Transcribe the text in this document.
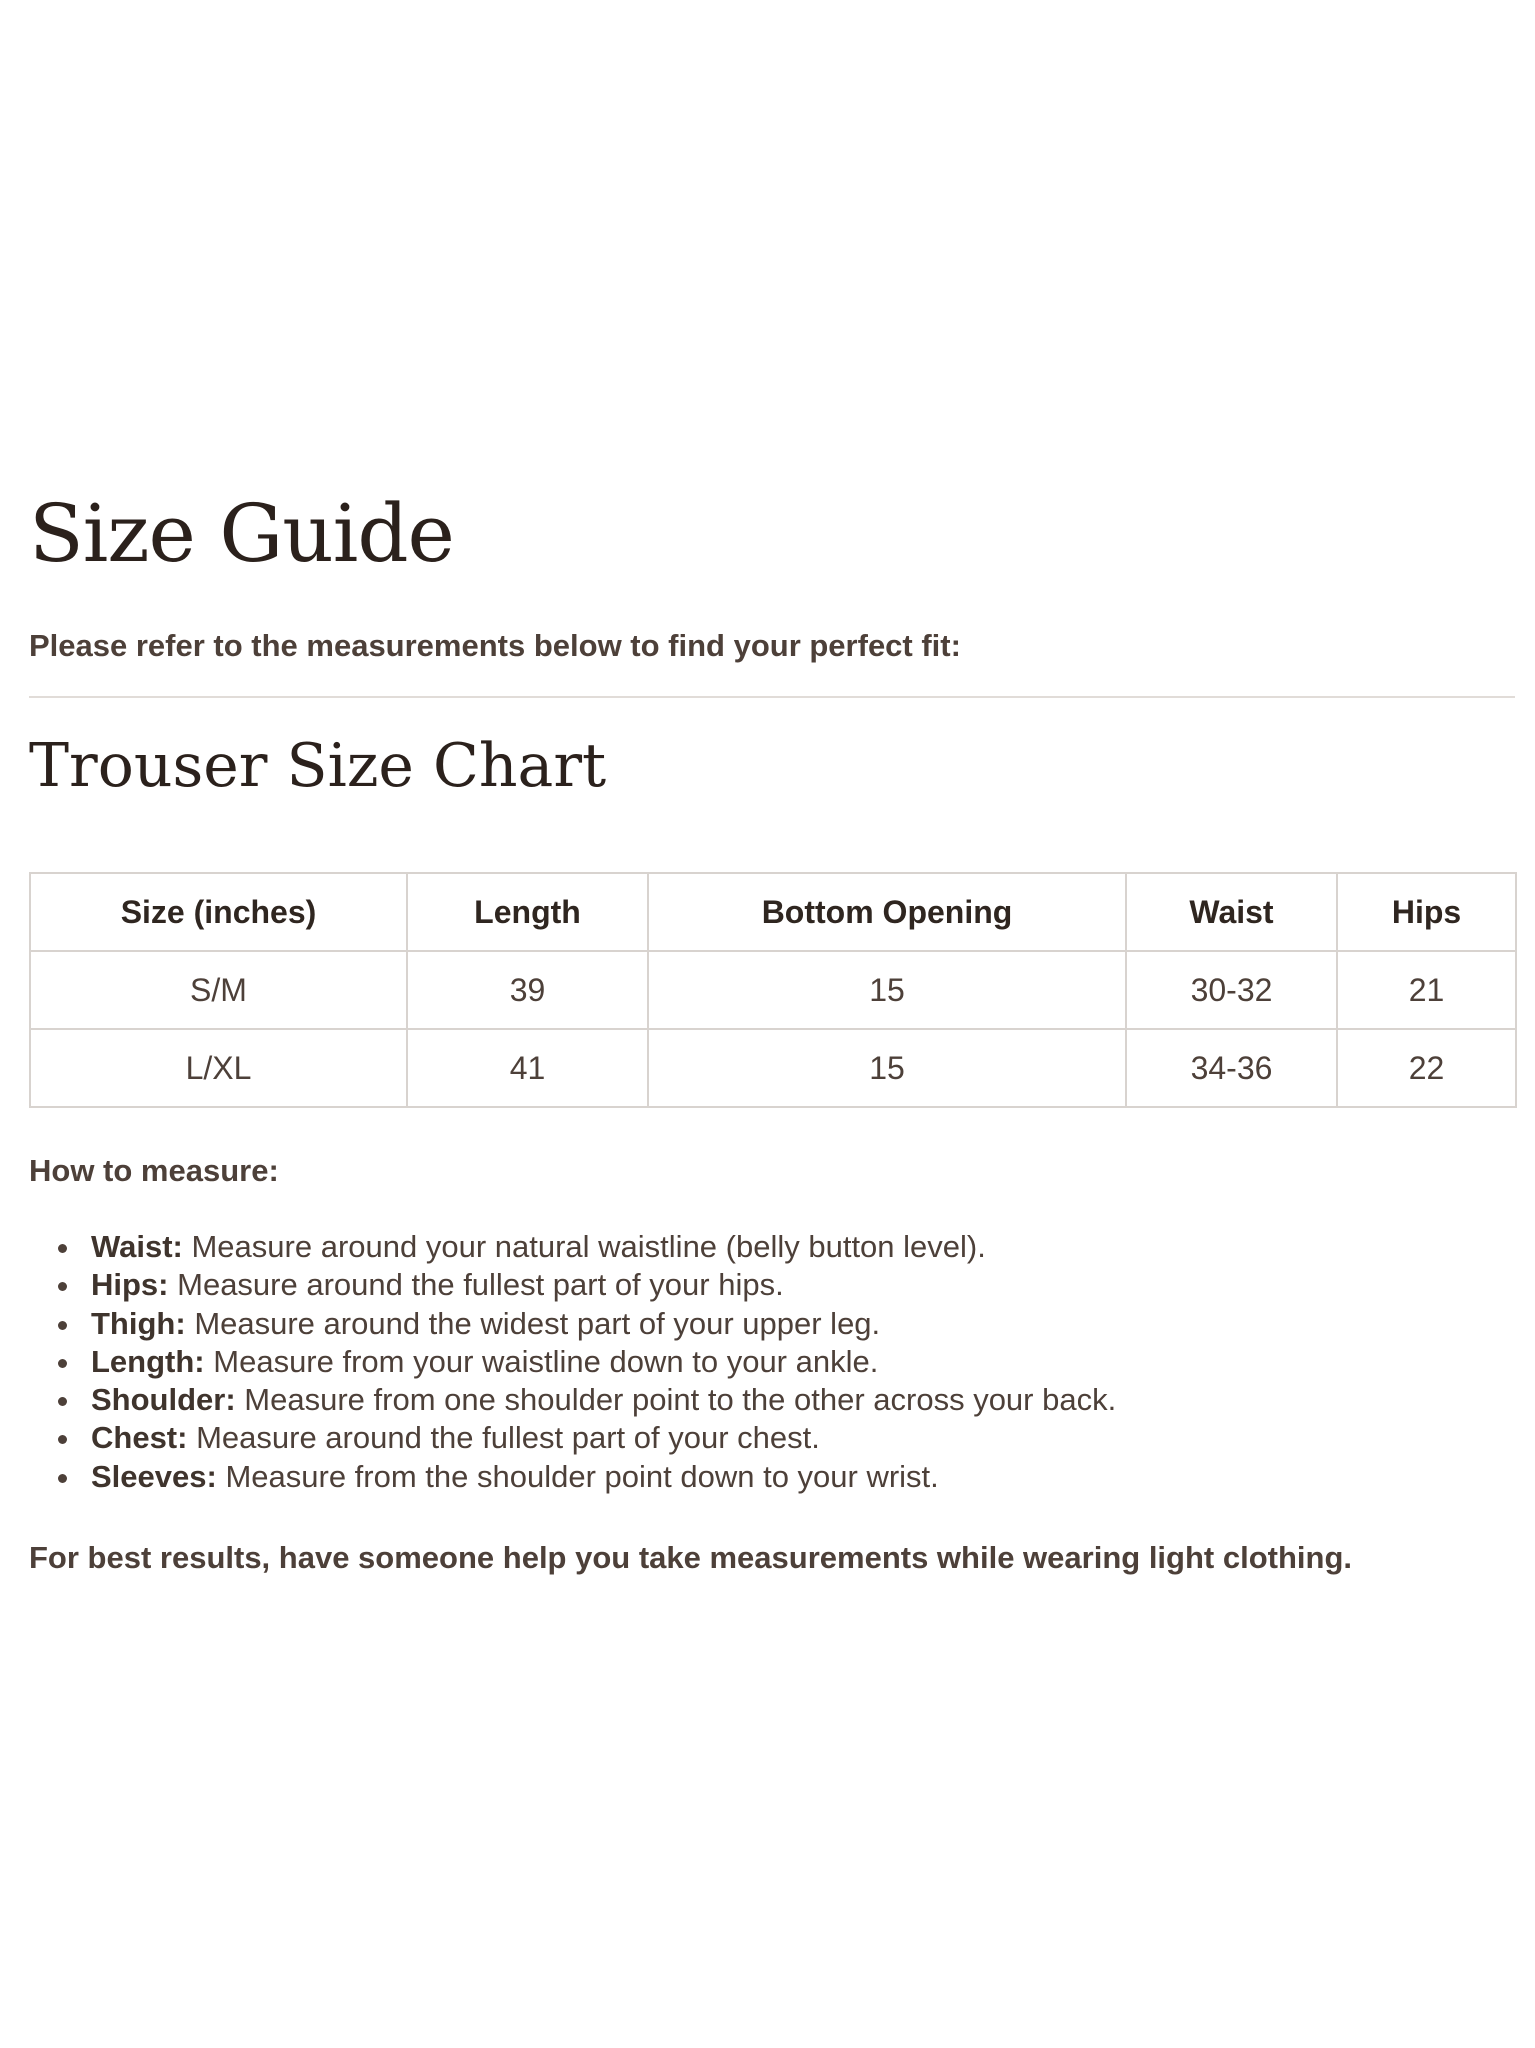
Size Guide

Please refer to the measurements below to find your perfect fit:

Trouser Size Chart
Size (inches)	Length	Bottom Opening	Waist	Hips
S/M	39	15	30-32	21
L/XL	41	15	34-36	22

How to measure:

Waist: Measure around your natural waistline (belly button level).
Hips: Measure around the fullest part of your hips.
Thigh: Measure around the widest part of your upper leg.
Length: Measure from your waistline down to your ankle.
Shoulder: Measure from one shoulder point to the other across your back.
Chest: Measure around the fullest part of your chest.
Sleeves: Measure from the shoulder point down to your wrist.

For best results, have someone help you take measurements while wearing light clothing.
